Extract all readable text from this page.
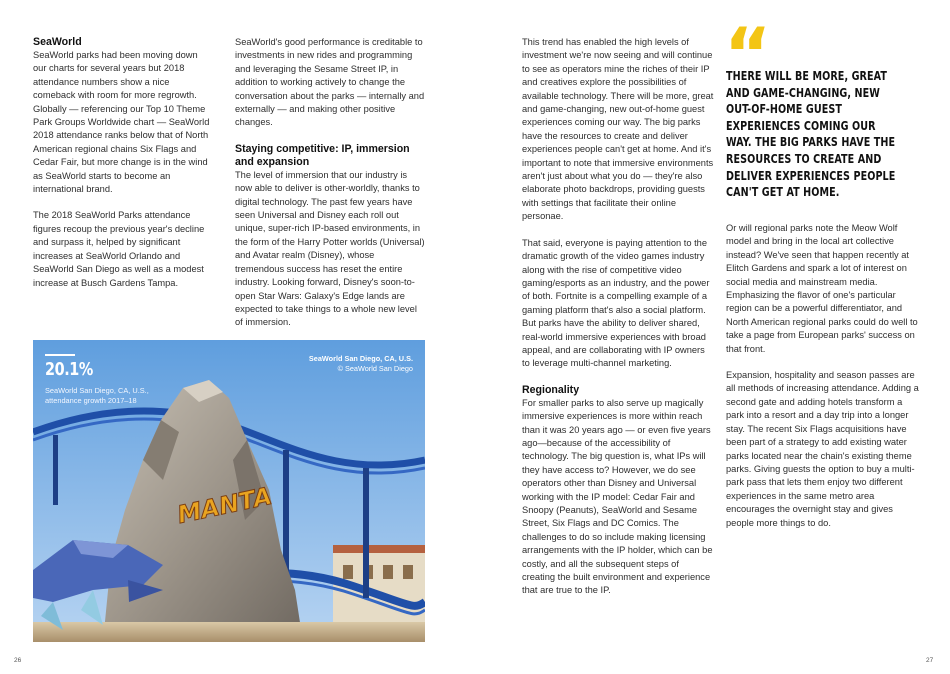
SeaWorld

SeaWorld parks had been moving down our charts for several years but 2018 attendance numbers show a nice comeback with room for more regrowth. Globally — referencing our Top 10 Theme Park Groups Worldwide chart — SeaWorld 2018 attendance ranks below that of North American regional chains Six Flags and Cedar Fair, but more change is in the wind as SeaWorld starts to become an international brand.

The 2018 SeaWorld Parks attendance figures recoup the previous year's decline and surpass it, helped by significant increases at SeaWorld Orlando and SeaWorld San Diego as well as a modest increase at Busch Gardens Tampa.

SeaWorld's good performance is creditable to investments in new rides and programming and leveraging the Sesame Street IP, in addition to working actively to change the conversation about the parks — internally and externally — and making other positive changes.

Staying competitive: IP, immersion and expansion

The level of immersion that our industry is now able to deliver is other-worldly, thanks to digital technology. The past few years have seen Universal and Disney each roll out unique, super-rich IP-based environments, in the form of the Harry Potter worlds (Universal) and Avatar realm (Disney), whose tremendous success has reset the entire industry. Looking forward, Disney's soon-to-open Star Wars: Galaxy's Edge lands are expected to take things to a whole new level of immersion.

MANTA
20.1%
SeaWorld San Diego, CA, U.S., attendance growth 2017–18
SeaWorld San Diego, CA, U.S.
© SeaWorld San Diego
26

This trend has enabled the high levels of investment we're now seeing and will continue to see as operators mine the riches of their IP and creatives explore the possibilities of available technology. There will be more, great and game-changing, new out-of-home guest experiences coming our way. The big parks have the resources to create and deliver experiences people can't get at home. And it's important to note that immersive environments aren't just about what you do — they're also elaborate photo backdrops, providing guests with settings that facilitate their online personae.

That said, everyone is paying attention to the dramatic growth of the video games industry along with the rise of competitive video gaming/esports as an industry, and the power of both. Fortnite is a compelling example of a gaming platform that's also a social platform. But parks have the ability to deliver shared, real-world immersive experiences with broad appeal, and are collaborating with IP owners to leverage multi-channel marketing.

Regionality

For smaller parks to also serve up magically immersive experiences is more within reach than it was 20 years ago — or even five years ago—because of the accessibility of technology. The big question is, what IPs will they have access to? However, we do see operators other than Disney and Universal working with the IP model: Cedar Fair and Snoopy (Peanuts), SeaWorld and Sesame Street, Six Flags and DC Comics. The challenges to do so include making licensing arrangements with the IP holder, which can be costly, and all the subsequent steps of creating the built environment and experience that are true to the IP.

“
THERE WILL BE MORE, GREAT AND GAME-CHANGING, NEW OUT-OF-HOME GUEST EXPERIENCES COMING OUR WAY. THE BIG PARKS HAVE THE RESOURCES TO CREATE AND DELIVER EXPERIENCES PEOPLE CAN'T GET AT HOME.

Or will regional parks note the Meow Wolf model and bring in the local art collective instead? We've seen that happen recently at Elitch Gardens and spark a lot of interest on social media and mainstream media. Emphasizing the flavor of one's particular region can be a powerful differentiator, and North American regional parks could do well to take a page from European parks' success on that front.

Expansion, hospitality and season passes are all methods of increasing attendance. Adding a second gate and adding hotels transform a park into a resort and a day trip into a longer stay. The recent Six Flags acquisitions have been part of a strategy to add existing water parks located near the chain's existing theme parks. Giving guests the option to buy a multi-park pass that lets them enjoy two different experiences in the same metro area encourages the overnight stay and gives people more things to do.

27
